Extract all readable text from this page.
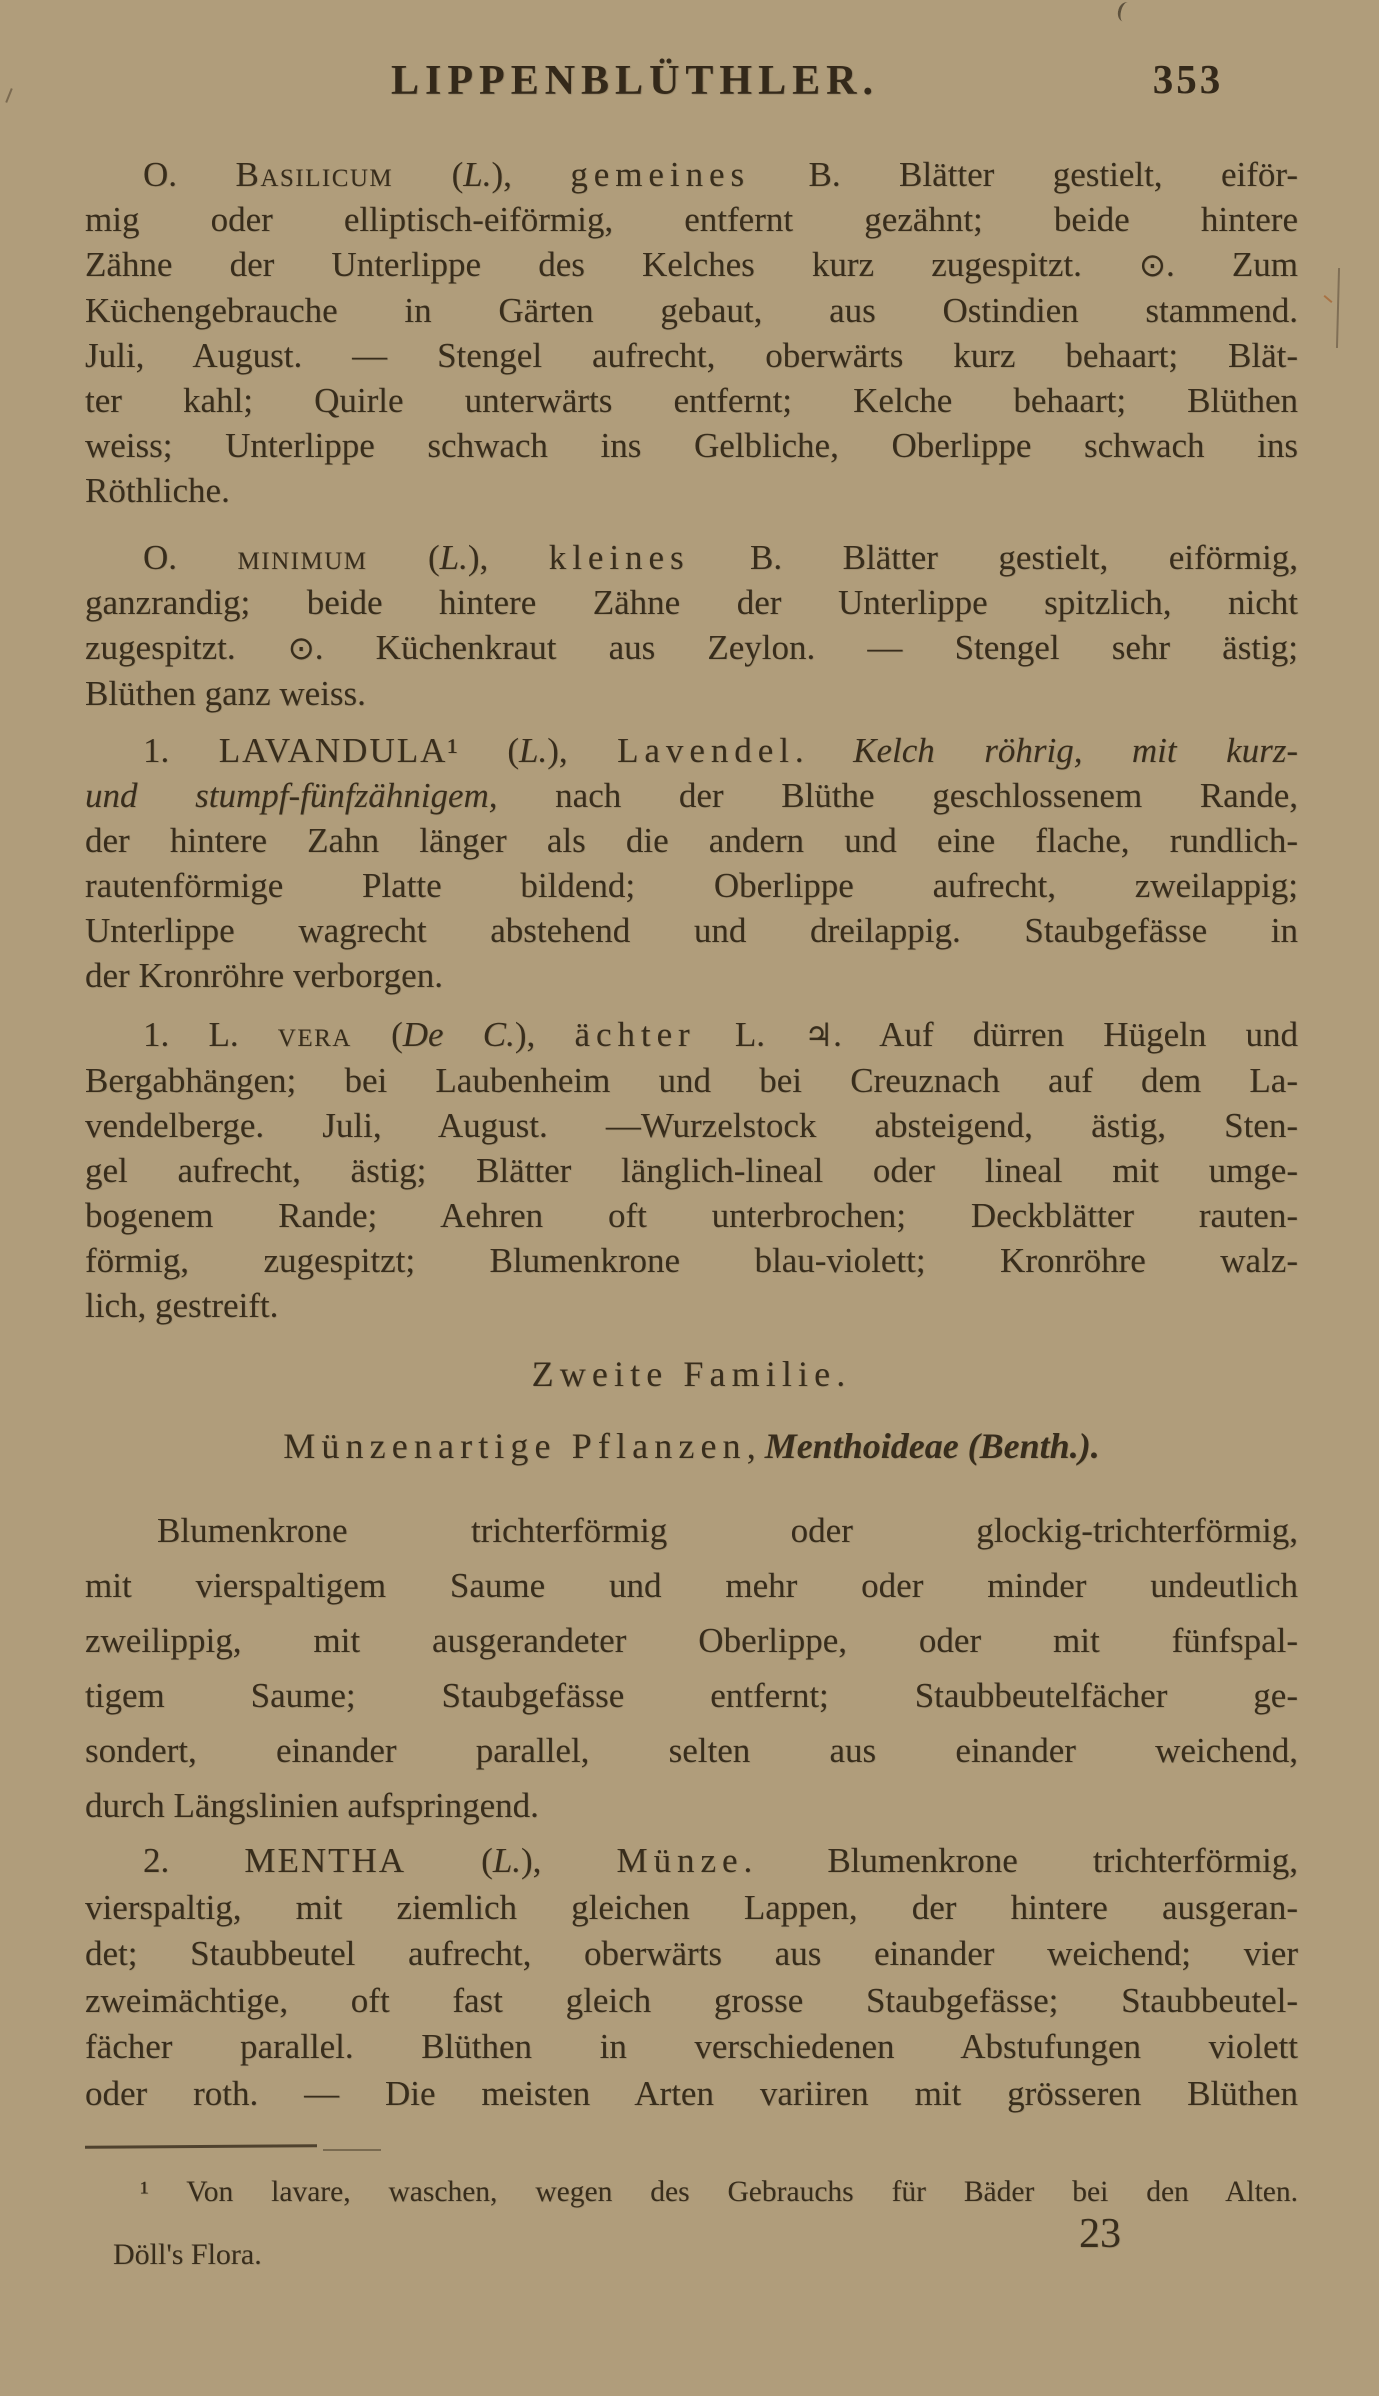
LIPPENBLÜTHLER.	353
O. Basilicum (L.), gemeines B. Blätter gestielt, eiför-
mig oder elliptisch-eiförmig, entfernt gezähnt; beide hintere
Zähne der Unterlippe des Kelches kurz zugespitzt. ⊙. Zum
Küchengebrauche in Gärten gebaut, aus Ostindien stammend.
Juli, August. — Stengel aufrecht, oberwärts kurz behaart; Blät-
ter kahl; Quirle unterwärts entfernt; Kelche behaart; Blüthen
weiss; Unterlippe schwach ins Gelbliche, Oberlippe schwach ins
Röthliche.
O. minimum (L.), kleines B. Blätter gestielt, eiförmig,
ganzrandig; beide hintere Zähne der Unterlippe spitzlich, nicht
zugespitzt. ⊙. Küchenkraut aus Zeylon. — Stengel sehr ästig;
Blüthen ganz weiss.
1. LAVANDULA¹ (L.), Lavendel. Kelch röhrig, mit kurz-
und stumpf-fünfzähnigem, nach der Blüthe geschlossenem Rande,
der hintere Zahn länger als die andern und eine flache, rundlich-
rautenförmige Platte bildend; Oberlippe aufrecht, zweilappig;
Unterlippe wagrecht abstehend und dreilappig. Staubgefässe in
der Kronröhre verborgen.
1. L. vera (De C.), ächter L. ♃. Auf dürren Hügeln und
Bergabhängen; bei Laubenheim und bei Creuznach auf dem La-
vendelberge. Juli, August. —Wurzelstock absteigend, ästig, Sten-
gel aufrecht, ästig; Blätter länglich-lineal oder lineal mit umge-
bogenem Rande; Aehren oft unterbrochen; Deckblätter rauten-
förmig, zugespitzt; Blumenkrone blau-violett; Kronröhre walz-
lich, gestreift.
Zweite Familie.
Münzenartige Pflanzen, Menthoideae (Benth.).
Blumenkrone trichterförmig oder glockig-trichterförmig,
mit vierspaltigem Saume und mehr oder minder undeutlich
zweilippig, mit ausgerandeter Oberlippe, oder mit fünfspal-
tigem Saume; Staubgefässe entfernt; Staubbeutelfächer ge-
sondert, einander parallel, selten aus einander weichend,
durch Längslinien aufspringend.
2. MENTHA (L.), Münze. Blumenkrone trichterförmig,
vierspaltig, mit ziemlich gleichen Lappen, der hintere ausgeran-
det; Staubbeutel aufrecht, oberwärts aus einander weichend; vier
zweimächtige, oft fast gleich grosse Staubgefässe; Staubbeutel-
fächer parallel. Blüthen in verschiedenen Abstufungen violett
oder roth. — Die meisten Arten variiren mit grösseren Blüthen
¹ Von lavare, waschen, wegen des Gebrauchs für Bäder bei den Alten.
Döll's Flora.	23
